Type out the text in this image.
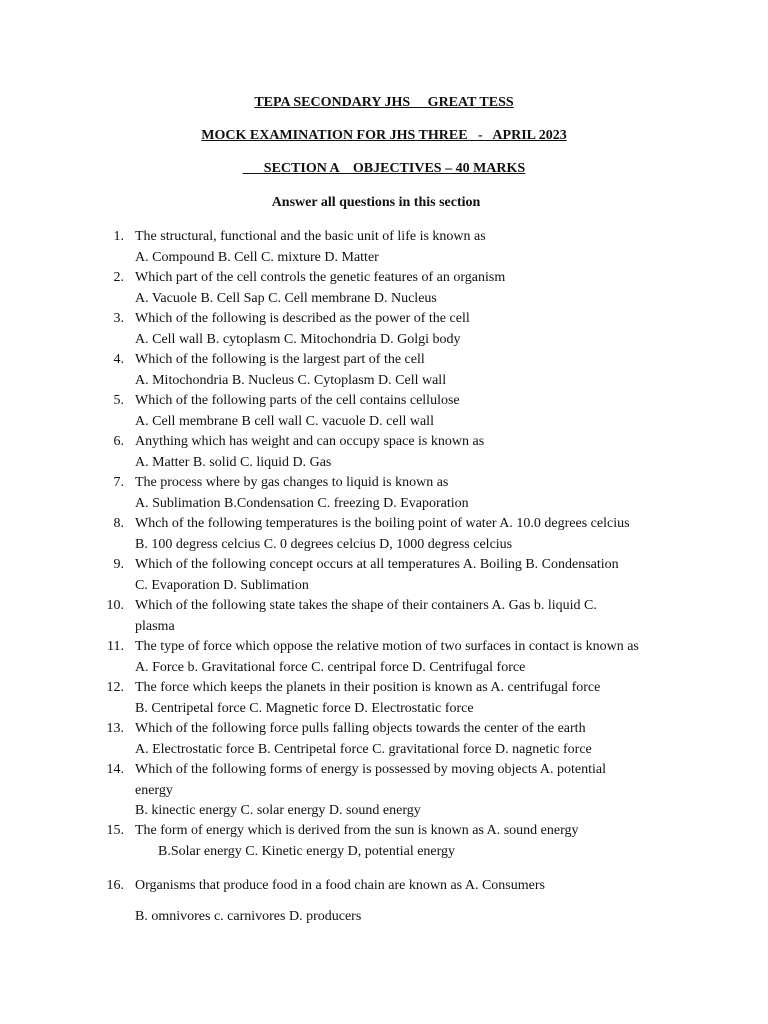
TEPA SECONDARY JHS     GREAT TESS
MOCK EXAMINATION FOR JHS THREE   -   APRIL 2023
SECTION A    OBJECTIVES – 40 MARKS
Answer all questions in this section
1. The structural, functional and the basic unit of life is known as
A. Compound B. Cell C. mixture D. Matter
2. Which part of the cell controls the genetic features of an organism
A. Vacuole B. Cell Sap C. Cell membrane D. Nucleus
3. Which of the following is described as the power of the cell
A. Cell wall B. cytoplasm C. Mitochondria D. Golgi body
4. Which of the following is the largest part of the cell
A. Mitochondria B. Nucleus C. Cytoplasm D. Cell wall
5. Which of the following parts of the cell contains cellulose
A. Cell membrane B cell wall C. vacuole D. cell wall
6. Anything which has weight and can occupy space is known as
A. Matter B. solid C. liquid D. Gas
7. The process where by gas changes to liquid is known as
A. Sublimation B.Condensation C. freezing D. Evaporation
8. Whch of the following temperatures is the boiling point of water A. 10.0 degrees celcius
B. 100 degress celcius C. 0 degrees celcius D, 1000 degress celcius
9. Which of the following concept occurs at all temperatures A. Boiling B. Condensation
C. Evaporation D. Sublimation
10. Which of the following state takes the shape of their containers A. Gas b. liquid C.
plasma
11. The type of force which oppose the relative motion of two surfaces in contact is known as
A. Force b. Gravitational force C. centripal force D. Centrifugal force
12. The force which keeps the planets in their position is known as A. centrifugal force
B. Centripetal force C. Magnetic force D. Electrostatic force
13. Which of the following force pulls falling objects towards the center of the earth
A. Electrostatic force B. Centripetal force C. gravitational force D. nagnetic force
14. Which of the following forms of energy is possessed by moving objects A. potential
energy
B. kinectic energy C. solar energy D. sound energy
15. The form of energy which is derived from the sun is known as A. sound energy
B.Solar energy C. Kinetic energy D, potential energy
16. Organisms that produce food in a food chain are known as A. Consumers
B. omnivores c. carnivores D. producers
